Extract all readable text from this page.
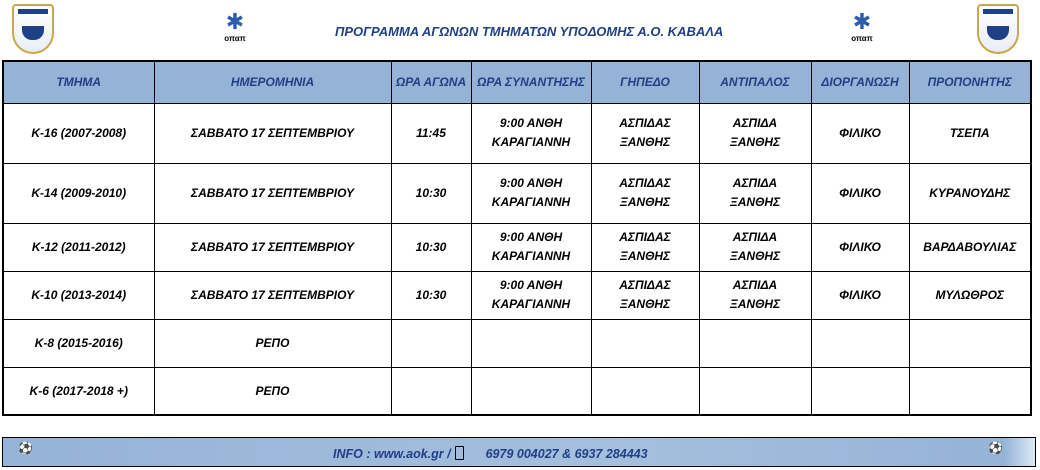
✱
οπαπ	ΠΡΟΓΡΑΜΜΑ ΑΓΩΝΩΝ ΤΜΗΜΑΤΩΝ ΥΠΟΔΟΜΗΣ Α.Ο. ΚΑΒΑΛΑ	✱
οπαπ
ΤΜΗΜΑ	ΗΜΕΡΟΜΗΝΙΑ	ΩΡΑ ΑΓΩΝΑ	ΩΡΑ ΣΥΝΑΝΤΗΣΗΣ	ΓΗΠΕΔΟ	ΑΝΤΙΠΑΛΟΣ	ΔΙΟΡΓΑΝΩΣΗ	ΠΡΟΠΟΝΗΤΗΣ
Κ-16 (2007-2008)	ΣΑΒΒΑΤΟ 17 ΣΕΠΤΕΜΒΡΙΟΥ	11:45	9:00 ΑΝΘΗ ΚΑΡΑΓΙΑΝΝΗ	ΑΣΠΙΔΑΣ ΞΑΝΘΗΣ	ΑΣΠΙΔΑ ΞΑΝΘΗΣ	ΦΙΛΙΚΟ	ΤΣΕΠΑ
Κ-14 (2009-2010)	ΣΑΒΒΑΤΟ 17 ΣΕΠΤΕΜΒΡΙΟΥ	10:30	9:00 ΑΝΘΗ ΚΑΡΑΓΙΑΝΝΗ	ΑΣΠΙΔΑΣ ΞΑΝΘΗΣ	ΑΣΠΙΔΑ ΞΑΝΘΗΣ	ΦΙΛΙΚΟ	ΚΥΡΑΝΟΥΔΗΣ
Κ-12 (2011-2012)	ΣΑΒΒΑΤΟ 17 ΣΕΠΤΕΜΒΡΙΟΥ	10:30	9:00 ΑΝΘΗ ΚΑΡΑΓΙΑΝΝΗ	ΑΣΠΙΔΑΣ ΞΑΝΘΗΣ	ΑΣΠΙΔΑ ΞΑΝΘΗΣ	ΦΙΛΙΚΟ	ΒΑΡΔΑΒΟΥΛΙΑΣ
Κ-10 (2013-2014)	ΣΑΒΒΑΤΟ 17 ΣΕΠΤΕΜΒΡΙΟΥ	10:30	9:00 ΑΝΘΗ ΚΑΡΑΓΙΑΝΝΗ	ΑΣΠΙΔΑΣ ΞΑΝΘΗΣ	ΑΣΠΙΔΑ ΞΑΝΘΗΣ	ΦΙΛΙΚΟ	ΜΥΛΩΘΡΟΣ
Κ-8 (2015-2016)	ΡΕΠΟ						
Κ-6 (2017-2018 +)	ΡΕΠΟ						
⚽	INFO : www.aok.gr /	6979 004027 & 6937 284443	⚽
